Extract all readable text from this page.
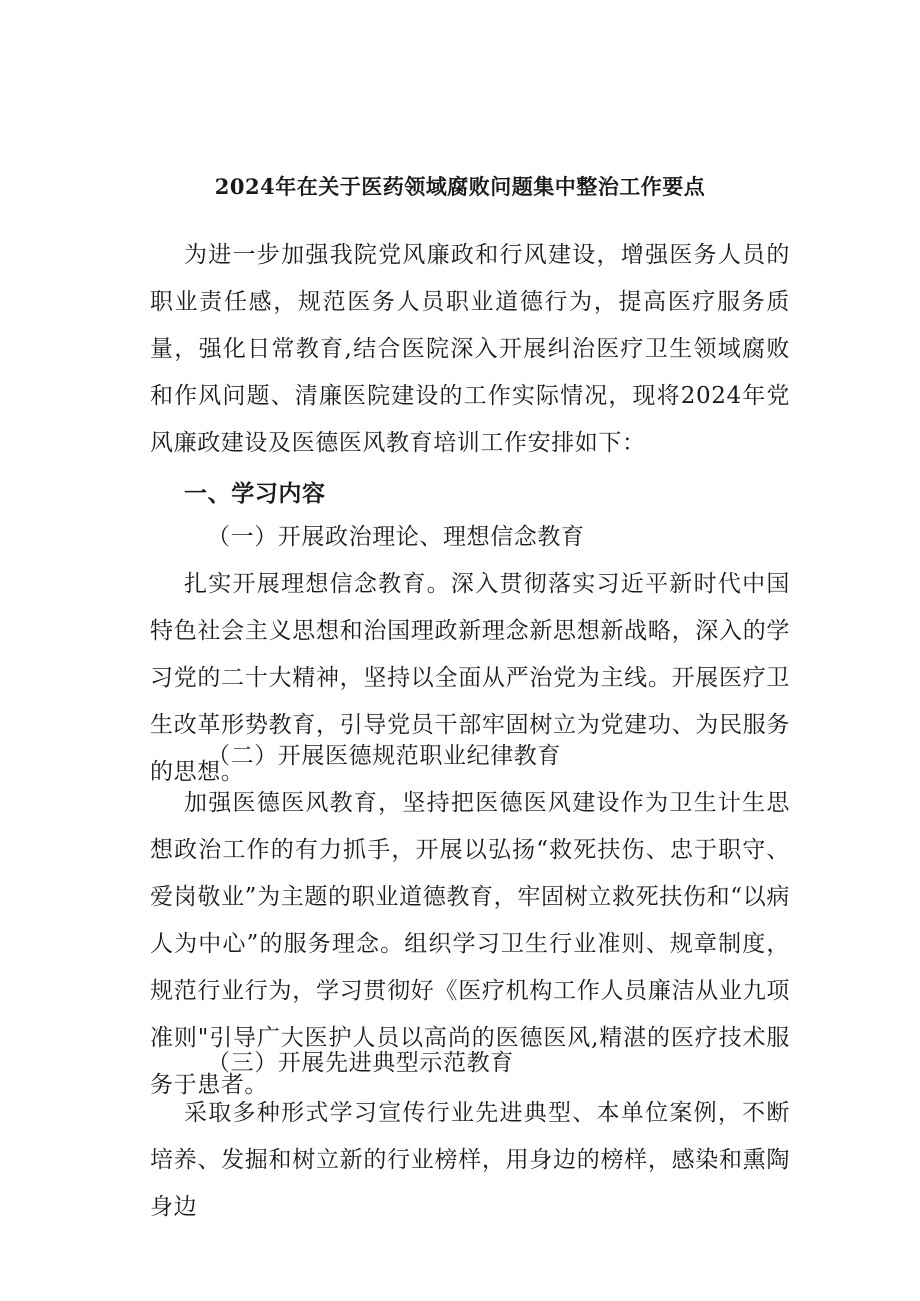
2024年在关于医药领域腐败问题集中整治工作要点

为进一步加强我院党风廉政和行风建设，增强医务人员的职业责任感，规范医务人员职业道德行为，提高医疗服务质量，强化日常教育,结合医院深入开展纠治医疗卫生领域腐败和作风问题、清廉医院建设的工作实际情况，现将2024年党风廉政建设及医德医风教育培训工作安排如下：

一、学习内容

（一）开展政治理论、理想信念教育

扎实开展理想信念教育。深入贯彻落实习近平新时代中国特色社会主义思想和治国理政新理念新思想新战略，深入的学习党的二十大精神，坚持以全面从严治党为主线。开展医疗卫生改革形势教育，引导党员干部牢固树立为党建功、为民服务的思想。

（二）开展医德规范职业纪律教育

加强医德医风教育，坚持把医德医风建设作为卫生计生思想政治工作的有力抓手，开展以弘扬“救死扶伤、忠于职守、爱岗敬业”为主题的职业道德教育，牢固树立救死扶伤和“以病人为中心”的服务理念。组织学习卫生行业准则、规章制度，规范行业行为，学习贯彻好《医疗机构工作人员廉洁从业九项准则"引导广大医护人员以高尚的医德医风,精湛的医疗技术服务于患者。

（三）开展先进典型示范教育

采取多种形式学习宣传行业先进典型、本单位案例，不断培养、发掘和树立新的行业榜样，用身边的榜样，感染和熏陶身边
